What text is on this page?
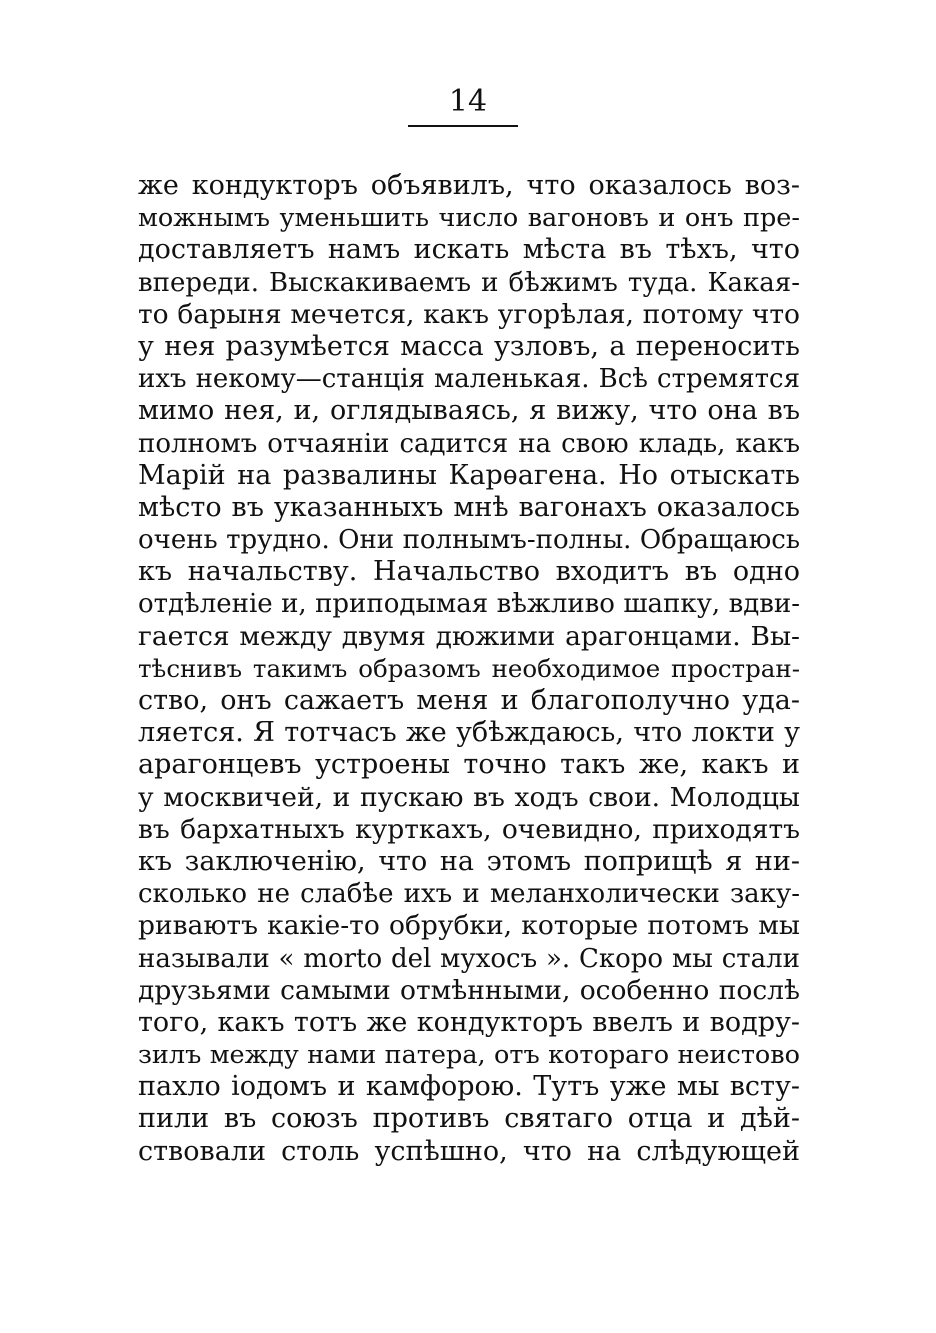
14
же кондукторъ объявилъ, что оказалось воз-
можнымъ уменьшить число вагоновъ и онъ пре-
доставляетъ намъ искать мѣста въ тѣхъ, что
впереди. Выскакиваемъ и бѣжимъ туда. Какая-
то барыня мечется, какъ угорѣлая, потому что
у нея разумѣется масса узловъ, а переносить
ихъ некому—станція маленькая. Всѣ стремятся
мимо нея, и, оглядываясь, я вижу, что она въ
полномъ отчаяніи садится на свою кладь, какъ
Марій на развалины Карѳагена. Но отыскать
мѣсто въ указанныхъ мнѣ вагонахъ оказалось
очень трудно. Они полнымъ-полны. Обращаюсь
къ начальству. Начальство входитъ въ одно
отдѣленіе и, приподымая вѣжливо шапку, вдви-
гается между двумя дюжими арагонцами. Вы-
тѣснивъ такимъ образомъ необходимое простран-
ство, онъ сажаетъ меня и благополучно уда-
ляется. Я тотчасъ же убѣждаюсь, что локти у
арагонцевъ устроены точно такъ же, какъ и
у москвичей, и пускаю въ ходъ свои. Молодцы
въ бархатныхъ курткахъ, очевидно, приходятъ
къ заключенію, что на этомъ поприщѣ я ни-
сколько не слабѣе ихъ и меланхолически заку-
риваютъ какіе-то обрубки, которые потомъ мы
называли « morto del мухосъ ». Скоро мы стали
друзьями самыми отмѣнными, особенно послѣ
того, какъ тотъ же кондукторъ ввелъ и водру-
зилъ между нами патера, отъ котораго неистово
пахло іодомъ и камфорою. Тутъ уже мы всту-
пили въ союзъ противъ святаго отца и дѣй-
ствовали столь успѣшно, что на слѣдующей
